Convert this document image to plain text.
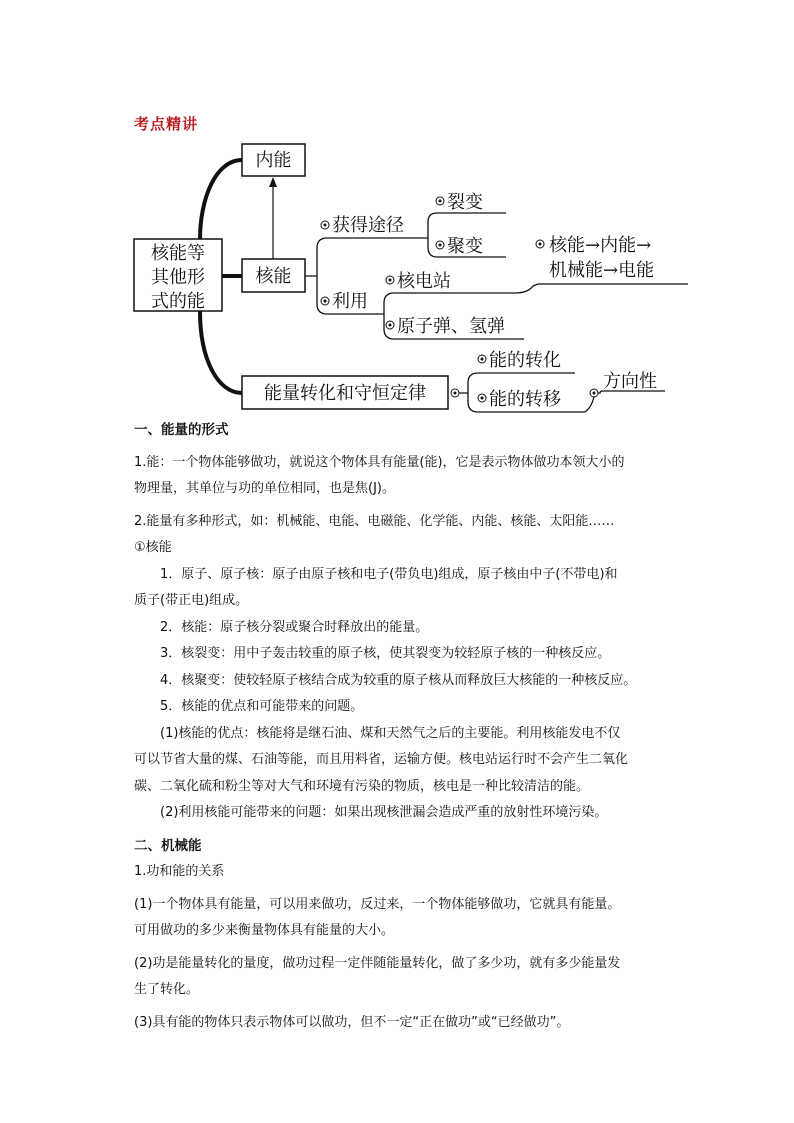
考点精讲
核能等
其他形
式的能
内能
核能
获得途径
裂变
聚变
利用
核电站
原子弹、氢弹
核能→内能→
机械能→电能
能量转化和守恒定律
能的转化
能的转移
方向性

一、能量的形式

1.能：一个物体能够做功，就说这个物体具有能量(能)，它是表示物体做功本领大小的

物理量，其单位与功的单位相同，也是焦(J)。

2.能量有多种形式，如：机械能、电能、电磁能、化学能、内能、核能、太阳能……

①核能

1．原子、原子核：原子由原子核和电子(带负电)组成，原子核由中子(不带电)和

质子(带正电)组成。

2．核能：原子核分裂或聚合时释放出的能量。

3．核裂变：用中子轰击较重的原子核，使其裂变为较轻原子核的一种核反应。

4．核聚变：使较轻原子核结合成为较重的原子核从而释放巨大核能的一种核反应。

5．核能的优点和可能带来的问题。

(1)核能的优点：核能将是继石油、煤和天然气之后的主要能。利用核能发电不仅

可以节省大量的煤、石油等能，而且用料省，运输方便。核电站运行时不会产生二氧化

碳、二氧化硫和粉尘等对大气和环境有污染的物质，核电是一种比较清洁的能。

(2)利用核能可能带来的问题：如果出现核泄漏会造成严重的放射性环境污染。

二、机械能

1.功和能的关系

(1)一个物体具有能量，可以用来做功，反过来，一个物体能够做功，它就具有能量。

可用做功的多少来衡量物体具有能量的大小。

(2)功是能量转化的量度，做功过程一定伴随能量转化，做了多少功，就有多少能量发

生了转化。

(3)具有能的物体只表示物体可以做功，但不一定“正在做功”或“已经做功”。
